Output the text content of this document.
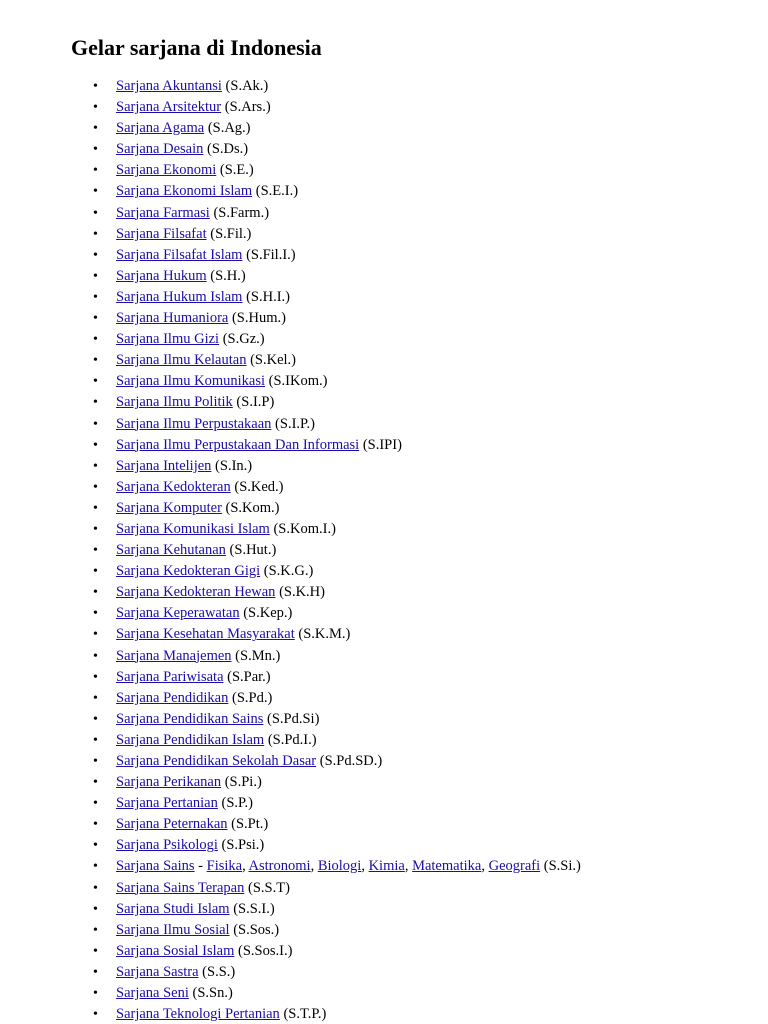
Gelar sarjana di Indonesia
• Sarjana Akuntansi (S.Ak.)
• Sarjana Arsitektur (S.Ars.)
• Sarjana Agama (S.Ag.)
• Sarjana Desain (S.Ds.)
• Sarjana Ekonomi (S.E.)
• Sarjana Ekonomi Islam (S.E.I.)
• Sarjana Farmasi (S.Farm.)
• Sarjana Filsafat (S.Fil.)
• Sarjana Filsafat Islam (S.Fil.I.)
• Sarjana Hukum (S.H.)
• Sarjana Hukum Islam (S.H.I.)
• Sarjana Humaniora (S.Hum.)
• Sarjana Ilmu Gizi (S.Gz.)
• Sarjana Ilmu Kelautan (S.Kel.)
• Sarjana Ilmu Komunikasi (S.IKom.)
• Sarjana Ilmu Politik (S.I.P)
• Sarjana Ilmu Perpustakaan (S.I.P.)
• Sarjana Ilmu Perpustakaan Dan Informasi (S.IPI)
• Sarjana Intelijen (S.In.)
• Sarjana Kedokteran (S.Ked.)
• Sarjana Komputer (S.Kom.)
• Sarjana Komunikasi Islam (S.Kom.I.)
• Sarjana Kehutanan (S.Hut.)
• Sarjana Kedokteran Gigi (S.K.G.)
• Sarjana Kedokteran Hewan (S.K.H)
• Sarjana Keperawatan (S.Kep.)
• Sarjana Kesehatan Masyarakat (S.K.M.)
• Sarjana Manajemen (S.Mn.)
• Sarjana Pariwisata (S.Par.)
• Sarjana Pendidikan (S.Pd.)
• Sarjana Pendidikan Sains (S.Pd.Si)
• Sarjana Pendidikan Islam (S.Pd.I.)
• Sarjana Pendidikan Sekolah Dasar (S.Pd.SD.)
• Sarjana Perikanan (S.Pi.)
• Sarjana Pertanian (S.P.)
• Sarjana Peternakan (S.Pt.)
• Sarjana Psikologi (S.Psi.)
• Sarjana Sains - Fisika, Astronomi, Biologi, Kimia, Matematika, Geografi (S.Si.)
• Sarjana Sains Terapan (S.S.T)
• Sarjana Studi Islam (S.S.I.)
• Sarjana Ilmu Sosial (S.Sos.)
• Sarjana Sosial Islam (S.Sos.I.)
• Sarjana Sastra (S.S.)
• Sarjana Seni (S.Sn.)
• Sarjana Teknologi Pertanian (S.T.P.)
